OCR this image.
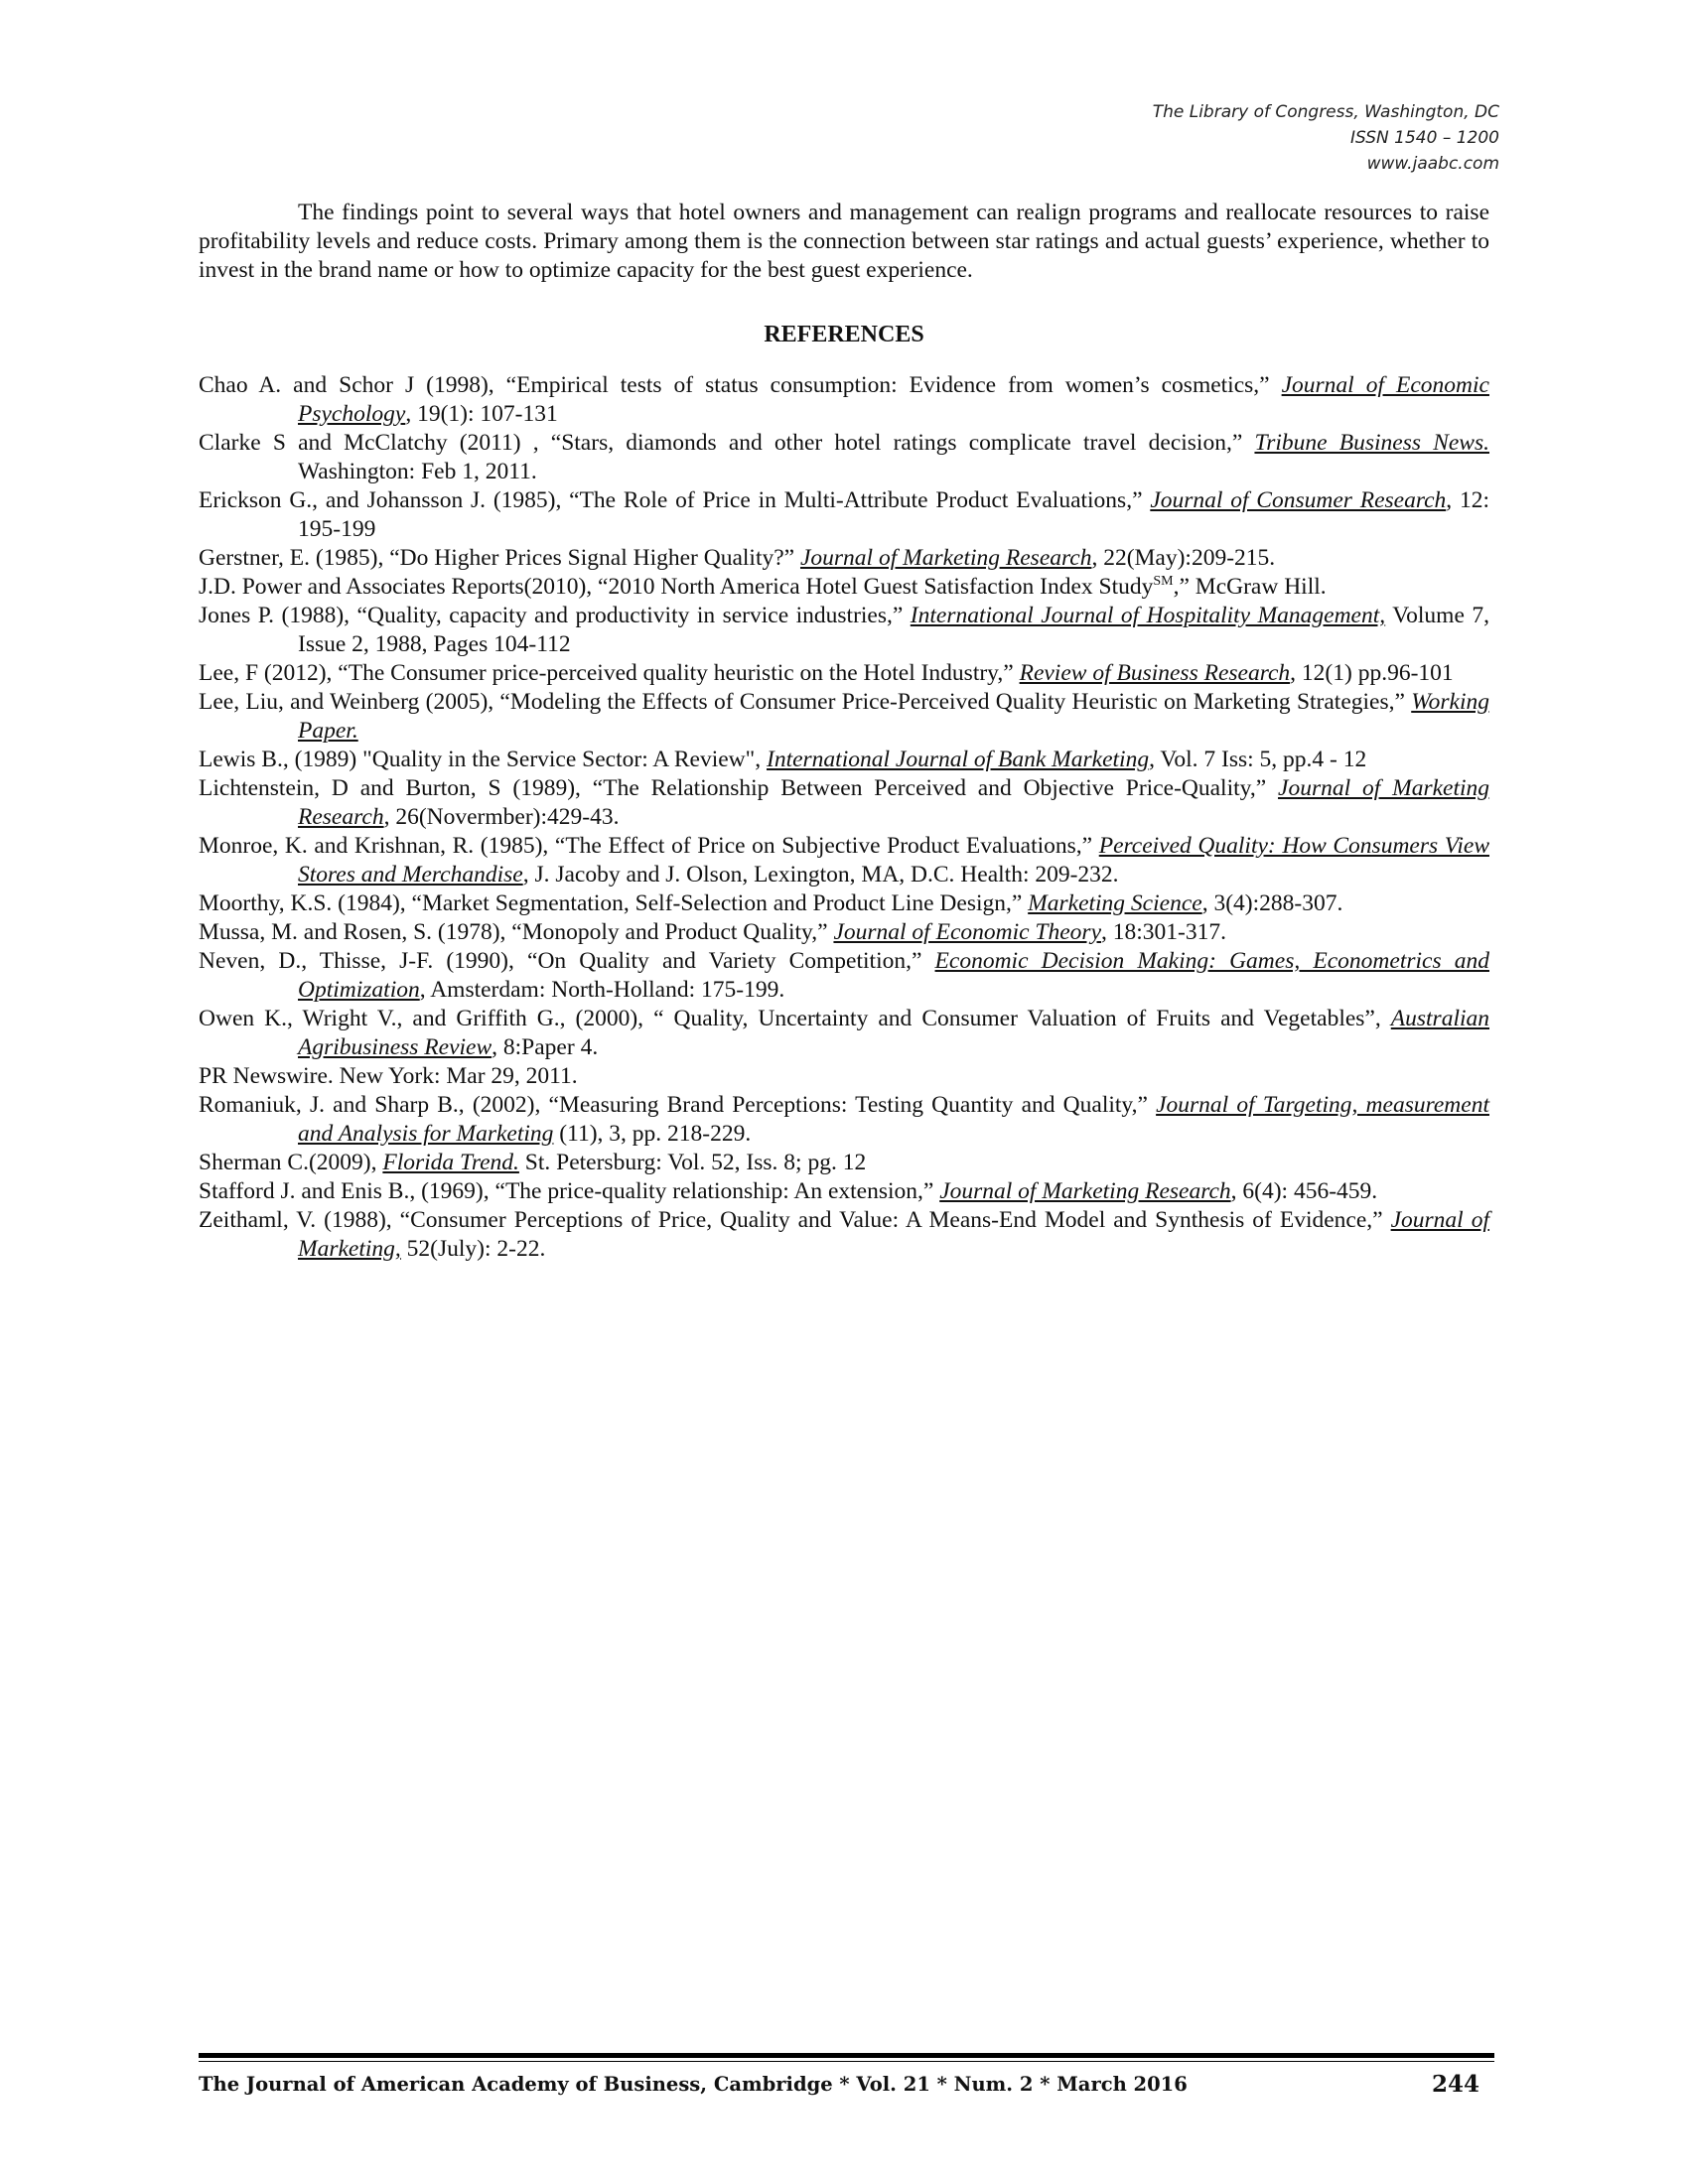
The Library of Congress, Washington, DC
ISSN 1540 – 1200
www.jaabc.com

The findings point to several ways that hotel owners and management can realign programs and reallocate resources to raise profitability levels and reduce costs. Primary among them is the connection between star ratings and actual guests’ experience, whether to invest in the brand name or how to optimize capacity for the best guest experience.

REFERENCES
Chao A. and Schor J (1998), “Empirical tests of status consumption: Evidence from women’s cosmetics,” Journal of Economic Psychology, 19(1): 107-131
Clarke S and McClatchy (2011) , “Stars, diamonds and other hotel ratings complicate travel decision,” Tribune Business News. Washington: Feb 1, 2011.
Erickson G., and Johansson J. (1985), “The Role of Price in Multi-Attribute Product Evaluations,” Journal of Consumer Research, 12: 195-199
Gerstner, E. (1985), “Do Higher Prices Signal Higher Quality?” Journal of Marketing Research, 22(May):209-215.
J.D. Power and Associates Reports(2010), “2010 North America Hotel Guest Satisfaction Index Study℠,” McGraw Hill.
Jones P. (1988), “Quality, capacity and productivity in service industries,” International Journal of Hospitality Management, Volume 7, Issue 2, 1988, Pages 104-112
Lee, F (2012), “The Consumer price-perceived quality heuristic on the Hotel Industry,” Review of Business Research, 12(1) pp.96-101
Lee, Liu, and Weinberg (2005), “Modeling the Effects of Consumer Price-Perceived Quality Heuristic on Marketing Strategies,” Working Paper.
Lewis B., (1989) "Quality in the Service Sector: A Review", International Journal of Bank Marketing, Vol. 7 Iss: 5, pp.4 - 12
Lichtenstein, D and Burton, S (1989), “The Relationship Between Perceived and Objective Price-Quality,” Journal of Marketing Research, 26(Novermber):429-43.
Monroe, K. and Krishnan, R. (1985), “The Effect of Price on Subjective Product Evaluations,” Perceived Quality: How Consumers View Stores and Merchandise, J. Jacoby and J. Olson, Lexington, MA, D.C. Health: 209-232.
Moorthy, K.S. (1984), “Market Segmentation, Self-Selection and Product Line Design,” Marketing Science, 3(4):288-307.
Mussa, M. and Rosen, S. (1978), “Monopoly and Product Quality,” Journal of Economic Theory, 18:301-317.
Neven, D., Thisse, J-F. (1990), “On Quality and Variety Competition,” Economic Decision Making: Games, Econometrics and Optimization, Amsterdam: North-Holland: 175-199.
Owen K., Wright V., and Griffith G., (2000), “ Quality, Uncertainty and Consumer Valuation of Fruits and Vegetables”, Australian Agribusiness Review, 8:Paper 4.
PR Newswire. New York: Mar 29, 2011.
Romaniuk, J. and Sharp B., (2002), “Measuring Brand Perceptions: Testing Quantity and Quality,” Journal of Targeting, measurement and Analysis for Marketing (11), 3, pp. 218-229.
Sherman C.(2009), Florida Trend. St. Petersburg: Vol. 52, Iss. 8; pg. 12
Stafford J. and Enis B., (1969), “The price-quality relationship: An extension,” Journal of Marketing Research, 6(4): 456-459.
Zeithaml, V. (1988), “Consumer Perceptions of Price, Quality and Value: A Means-End Model and Synthesis of Evidence,” Journal of Marketing, 52(July): 2-22.
The Journal of American Academy of Business, Cambridge * Vol. 21 * Num. 2 * March 2016	244
